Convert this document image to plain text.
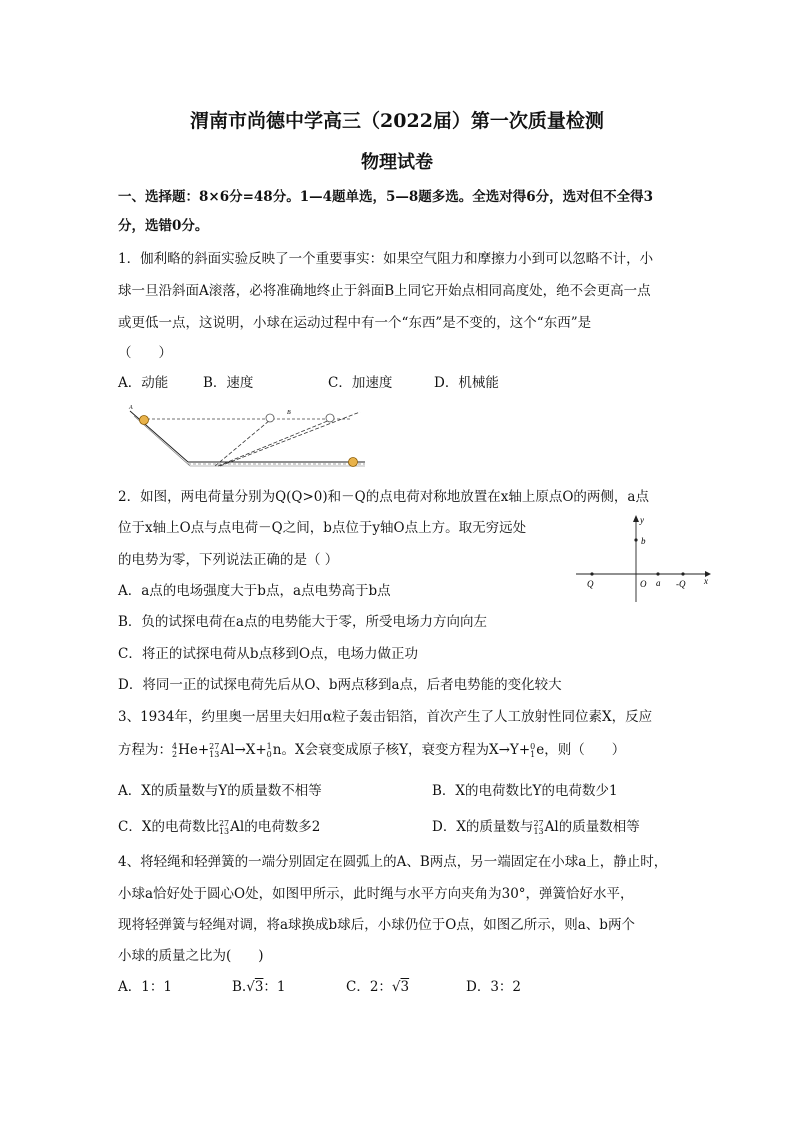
渭南市尚德中学高三（2022届）第一次质量检测
物理试卷
一、选择题：8×6分=48分。1—4题单选，5—8题多选。全选对得6分，选对但不全得3
分，选错0分。
1．伽利略的斜面实验反映了一个重要事实：如果空气阻力和摩擦力小到可以忽略不计，小
球一旦沿斜面A滚落，必将准确地终止于斜面B上同它开始点相同高度处，绝不会更高一点
或更低一点，这说明，小球在运动过程中有一个“东西”是不变的，这个“东西”是
（　　）
A．动能	B．速度	C．加速度	D．机械能
A
B
2．如图，两电荷量分别为Q(Q>0)和－Q的点电荷对称地放置在x轴上原点O的两侧，a点
位于x轴上O点与点电荷－Q之间，b点位于y轴O点上方。取无穷远处
的电势为零，下列说法正确的是（ ）
A．a点的电场强度大于b点，a点电势高于b点
B．负的试探电荷在a点的电势能大于零，所受电场力方向向左
C．将正的试探电荷从b点移到O点，电场力做正功
D．将同一正的试探电荷先后从O、b两点移到a点，后者电势能的变化较大
y
x
b
Q	O a -Q
3、1934年，约里奥一居里夫妇用α粒子轰击铝箔，首次产生了人工放射性同位素X，反应
方程为： 4
2 He+ 27
13 Al→X+ 1
0 n。X会衰变成原子核Y，衰变方程为X→Y+ 0
1 e，则（　　）
A．X的质量数与Y的质量数不相等	B．X的电荷数比Y的电荷数少1
C．X的电荷数比 27
13 Al的电荷数多2	D．X的质量数与 27
13 Al的质量数相等
4、将轻绳和轻弹簧的一端分别固定在圆弧上的A、B两点，另一端固定在小球a上，静止时，
小球a恰好处于圆心O处，如图甲所示，此时绳与水平方向夹角为30°，弹簧恰好水平，
现将轻弹簧与轻绳对调，将a球换成b球后，小球仍位于O点，如图乙所示，则a、b两个
小球的质量之比为(　　)
A．1：1	B.√3：1	C．2：√3	D．3：2
